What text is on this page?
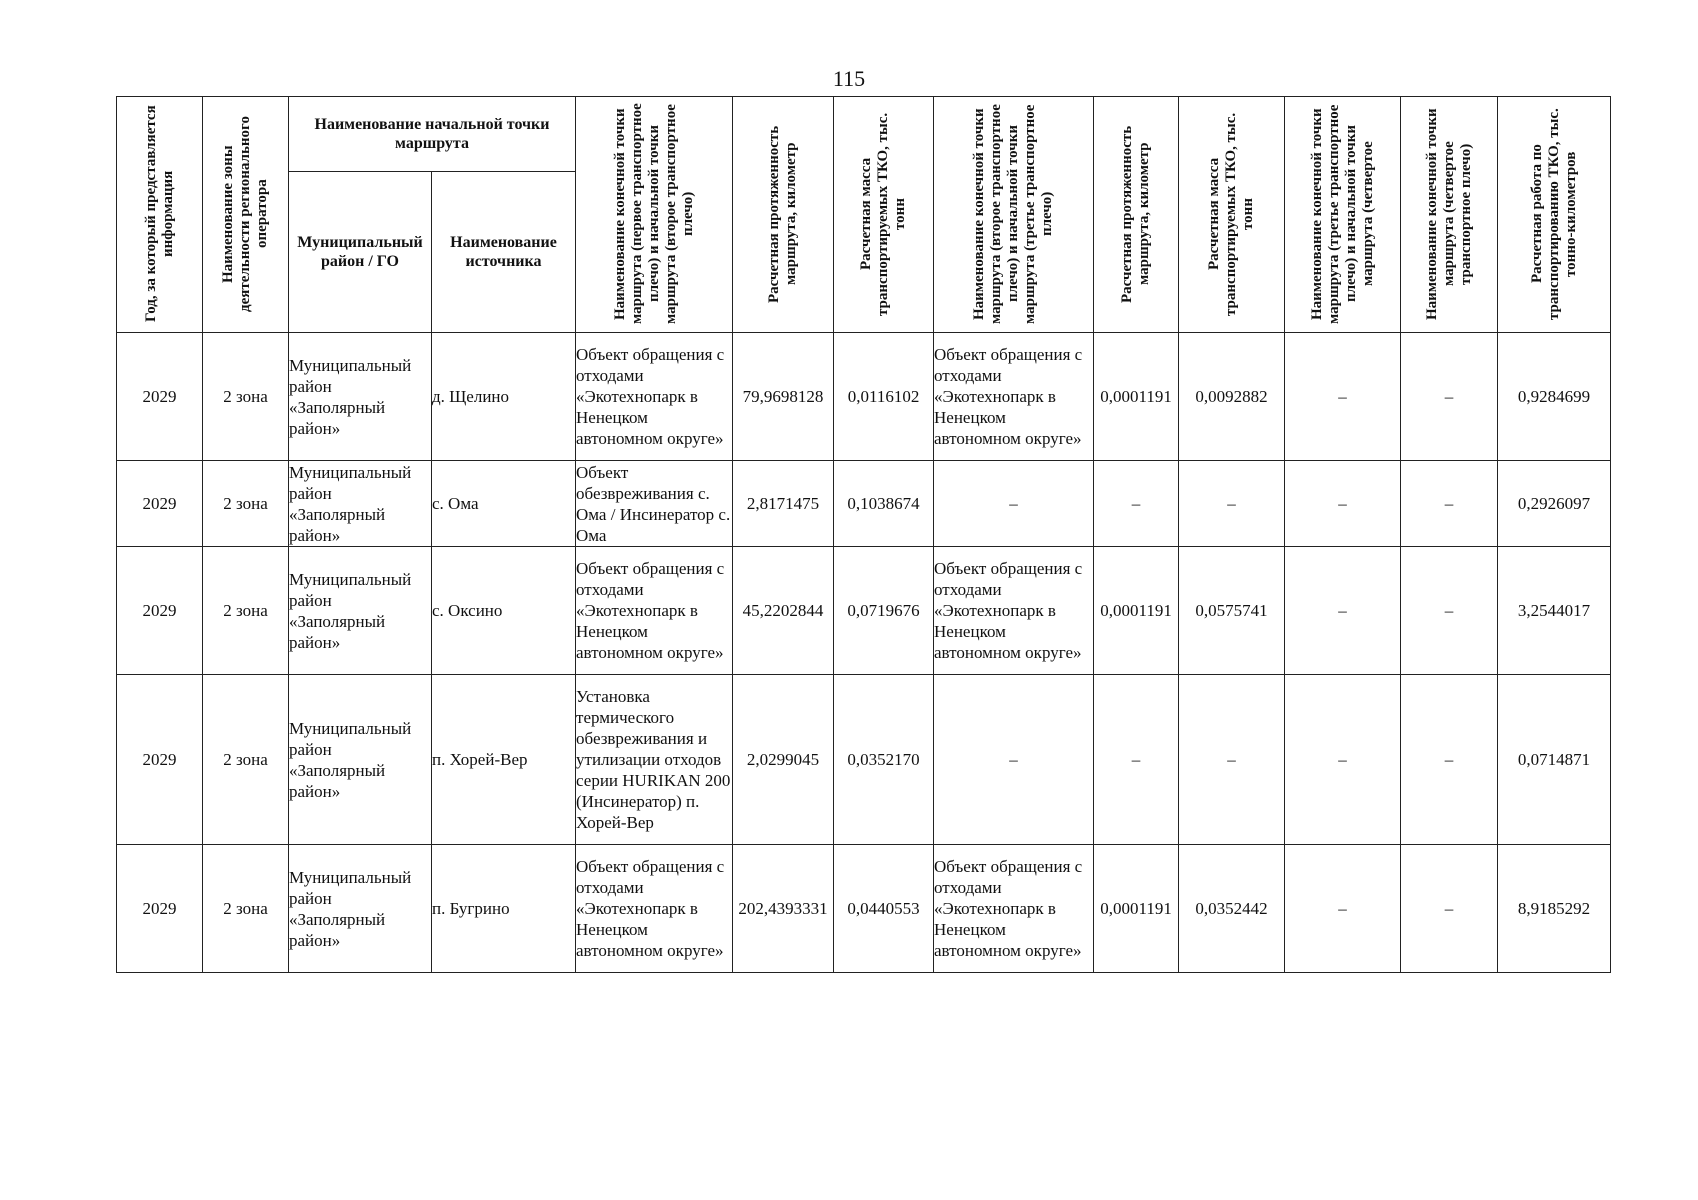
115
Год, за который представляется информация	Наименование зоны деятельности регионального оператора	Наименование начальной точки маршрута		Наименование конечной точки маршрута (первое транспортное плечо) и начальной точки маршрута (второе транспортное плечо)	Расчетная протяженность маршрута, километр	Расчетная масса транспортируемых ТКО, тыс. тонн	Наименование конечной точки маршрута (второе транспортное плечо) и начальной точки маршрута (третье транспортное плечо)	Расчетная протяженность маршрута, километр	Расчетная масса транспортируемых ТКО, тыс. тонн	Наименование конечной точки маршрута (третье транспортное плечо) и начальной точки маршрута (четвертое	Наименование конечной точки маршрута (четвертое транспортное плечо)	Расчетная работа по транспортированию ТКО, тыс. тонно-километров

		Муниципальный район / ГО	Наименование источника									
2029	2 зона	Муниципальный район «Заполярный район»	д. Щелино	Объект обращения с отходами «Экотехнопарк в Ненецком автономном округе»	79,9698128	0,0116102	Объект обращения с отходами «Экотехнопарк в Ненецком автономном округе»	0,0001191	0,0092882	–	–	0,9284699
2029	2 зона	Муниципальный район «Заполярный район»	с. Ома	Объект обезвреживания с. Ома / Инсинератор с. Ома	2,8171475	0,1038674	–	–	–	–	–	0,2926097
2029	2 зона	Муниципальный район «Заполярный район»	с. Оксино	Объект обращения с отходами «Экотехнопарк в Ненецком автономном округе»	45,2202844	0,0719676	Объект обращения с отходами «Экотехнопарк в Ненецком автономном округе»	0,0001191	0,0575741	–	–	3,2544017
2029	2 зона	Муниципальный район «Заполярный район»	п. Хорей-Вер	Установка термического обезвреживания и утилизации отходов серии HURIKAN 200 (Инсинератор) п. Хорей-Вер	2,0299045	0,0352170	–	–	–	–	–	0,0714871
2029	2 зона	Муниципальный район «Заполярный район»	п. Бугрино	Объект обращения с отходами «Экотехнопарк в Ненецком автономном округе»	202,4393331	0,0440553	Объект обращения с отходами «Экотехнопарк в Ненецком автономном округе»	0,0001191	0,0352442	–	–	8,9185292
